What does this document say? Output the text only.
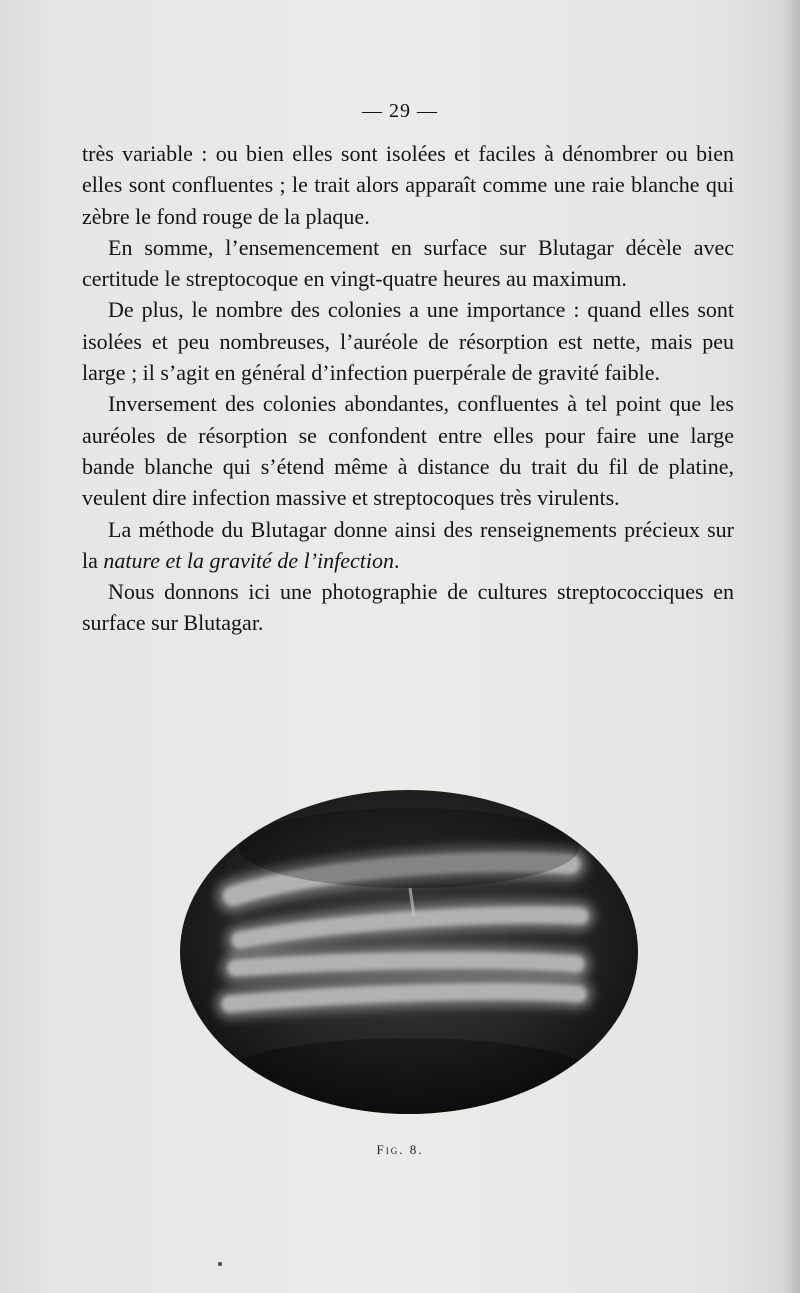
— 29 —

très variable : ou bien elles sont isolées et faciles à dénombrer ou bien elles sont confluentes ; le trait alors apparaît comme une raie blanche qui zèbre le fond rouge de la plaque.

En somme, l’ensemencement en surface sur Blutagar décèle avec certitude le streptocoque en vingt-quatre heures au maximum.

De plus, le nombre des colonies a une importance : quand elles sont isolées et peu nombreuses, l’auréole de résorption est nette, mais peu large ; il s’agit en général d’infection puerpérale de gravité faible.

Inversement des colonies abondantes, confluentes à tel point que les auréoles de résorption se confondent entre elles pour faire une large bande blanche qui s’étend même à distance du trait du fil de platine, veulent dire infection massive et streptocoques très virulents.

La méthode du Blutagar donne ainsi des renseignements précieux sur la nature et la gravité de l’infection.

Nous donnons ici une photographie de cultures streptococciques en surface sur Blutagar.

Fig. 8.
